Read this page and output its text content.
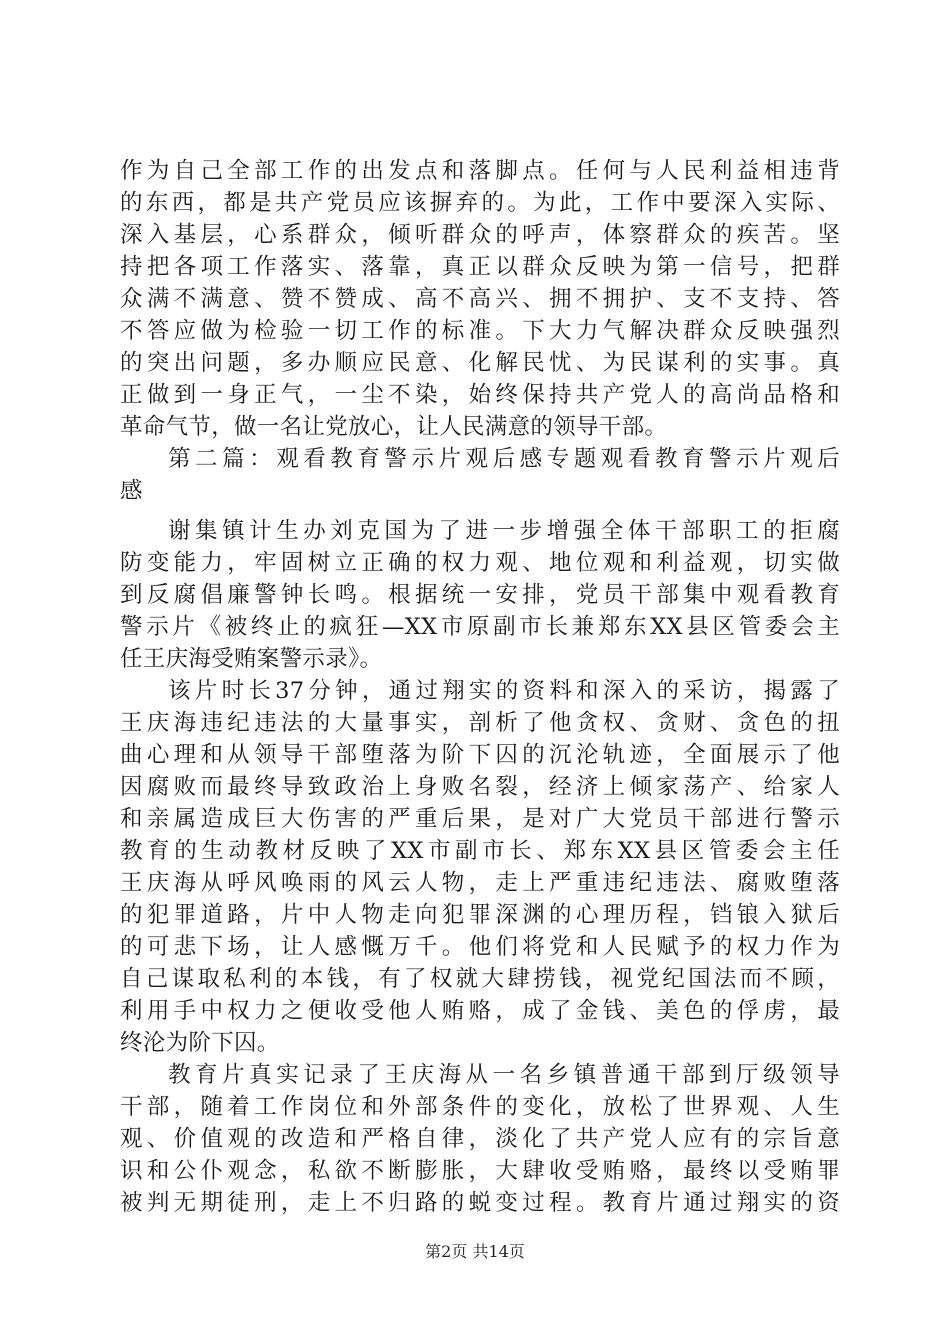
作为自己全部工作的出发点和落脚点。任何与人民利益相违背
的东西，都是共产党员应该摒弃的。为此，工作中要深入实际、
深入基层，心系群众，倾听群众的呼声，体察群众的疾苦。坚
持把各项工作落实、落靠，真正以群众反映为第一信号，把群
众满不满意、赞不赞成、高不高兴、拥不拥护、支不支持、答
不答应做为检验一切工作的标准。下大力气解决群众反映强烈
的突出问题，多办顺应民意、化解民忧、为民谋利的实事。真
正做到一身正气，一尘不染，始终保持共产党人的高尚品格和
革命气节，做一名让党放心，让人民满意的领导干部。
第二篇：观看教育警示片观后感专题观看教育警示片观后
感
谢集镇计生办刘克国为了进一步增强全体干部职工的拒腐
防变能力，牢固树立正确的权力观、地位观和利益观，切实做
到反腐倡廉警钟长鸣。根据统一安排，党员干部集中观看教育
警示片《被终止的疯狂—XX市原副市长兼郑东XX县区管委会主
任王庆海受贿案警示录》。
该片时长37分钟，通过翔实的资料和深入的采访，揭露了
王庆海违纪违法的大量事实，剖析了他贪权、贪财、贪色的扭
曲心理和从领导干部堕落为阶下囚的沉沦轨迹，全面展示了他
因腐败而最终导致政治上身败名裂，经济上倾家荡产、给家人
和亲属造成巨大伤害的严重后果，是对广大党员干部进行警示
教育的生动教材反映了XX市副市长、郑东XX县区管委会主任
王庆海从呼风唤雨的风云人物，走上严重违纪违法、腐败堕落
的犯罪道路，片中人物走向犯罪深渊的心理历程，铛锒入狱后
的可悲下场，让人感慨万千。他们将党和人民赋予的权力作为
自己谋取私利的本钱，有了权就大肆捞钱，视党纪国法而不顾，
利用手中权力之便收受他人贿赂，成了金钱、美色的俘虏，最
终沦为阶下囚。
教育片真实记录了王庆海从一名乡镇普通干部到厅级领导
干部，随着工作岗位和外部条件的变化，放松了世界观、人生
观、价值观的改造和严格自律，淡化了共产党人应有的宗旨意
识和公仆观念，私欲不断膨胀，大肆收受贿赂，最终以受贿罪
被判无期徒刑，走上不归路的蜕变过程。教育片通过翔实的资
第2页 共14页
